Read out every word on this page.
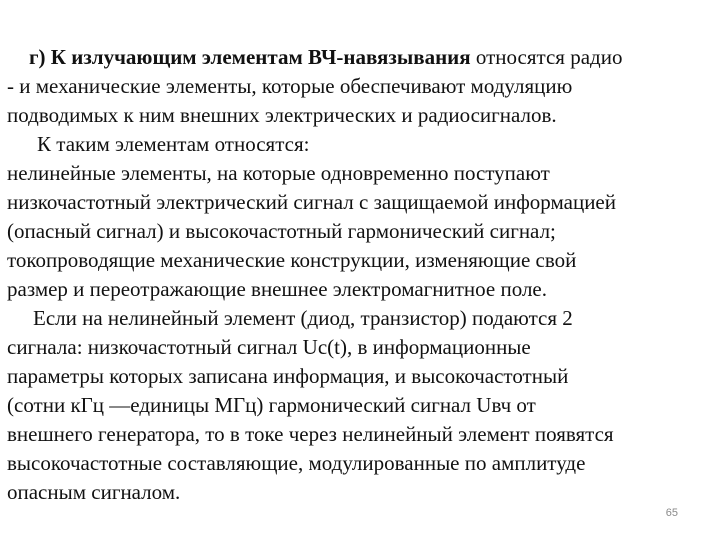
г) К излучающим элементам ВЧ-навязывания относятся радио
- и механические элементы, которые обеспечивают модуляцию
подводимых к ним внешних электрических и радиосигналов.
К таким элементам относятся:
нелинейные элементы, на которые одновременно поступают
низкочастотный электрический сигнал с защищаемой информацией
(опасный сигнал) и высокочастотный гармонический сигнал;
токопроводящие механические конструкции, изменяющие свой
размер и переотражающие внешнее электромагнитное поле.
Если на нелинейный элемент (диод, транзистор) подаются 2
сигнала: низкочастотный сигнал Uc(t), в информационные
параметры которых записана информация, и высокочастотный
(сотни кГц —единицы МГц) гармонический сигнал Uвч от
внешнего генератора, то в токе через нелинейный элемент появятся
высокочастотные составляющие, модулированные по амплитуде
опасным сигналом.
65
